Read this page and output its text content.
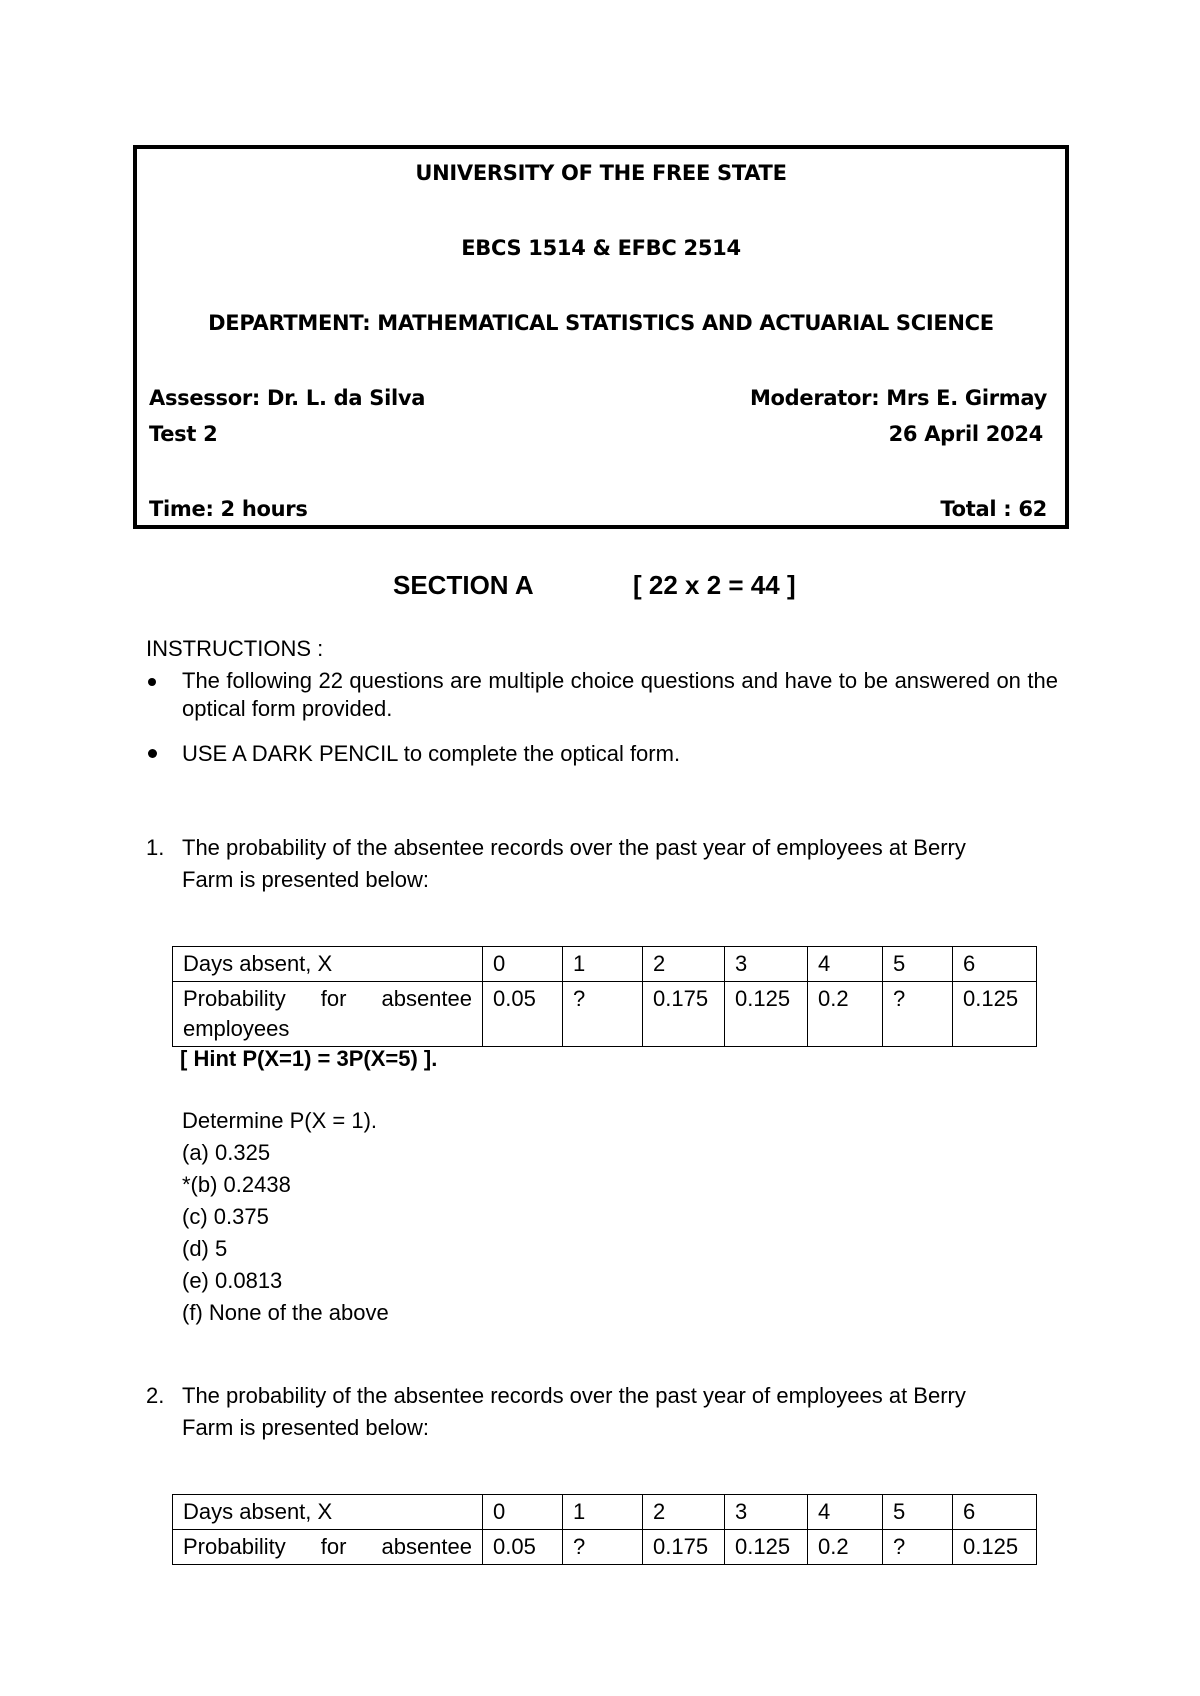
UNIVERSITY OF THE FREE STATE
EBCS 1514 & EFBC 2514
DEPARTMENT: MATHEMATICAL STATISTICS AND ACTUARIAL SCIENCE
Assessor: Dr. L. da Silva	Moderator: Mrs E. Girmay
Test 2	26 April 2024
Time: 2 hours	Total : 62
SECTION A	[ 22 x 2 = 44 ]
INSTRUCTIONS :
The following 22 questions are multiple choice questions and have to be answered on the optical form provided.
USE A DARK PENCIL to complete the optical form.
1. The probability of the absentee records over the past year of employees at Berry
Farm is presented below:
Days absent, X	0	1	2	3	4	5	6

Probability for absentee
employees	0.05	?	0.175	0.125	0.2	?	0.125
[ Hint P(X=1) = 3P(X=5) ].
Determine P(X = 1).
(a) 0.325
*(b) 0.2438
(c) 0.375
(d) 5
(e) 0.0813
(f) None of the above
2. The probability of the absentee records over the past year of employees at Berry
Farm is presented below:
Days absent, X	0	1	2	3	4	5	6

Probability for absentee	0.05	?	0.175	0.125	0.2	?	0.125
